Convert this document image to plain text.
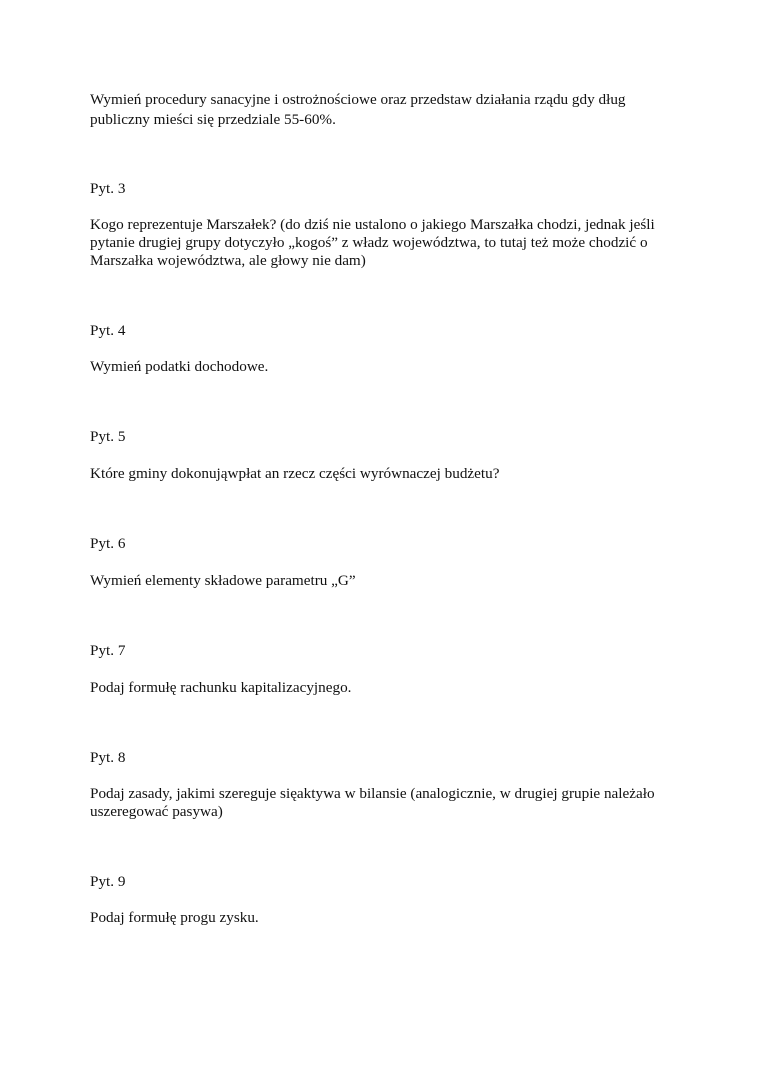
Wymień procedury sanacyjne i ostrożnościowe oraz przedstaw działania rządu gdy dług

publiczny mieści się przedziale 55-60%.

Pyt. 3

Kogo reprezentuje Marszałek? (do dziś nie ustalono o jakiego Marszałka chodzi, jednak jeśli

pytanie drugiej grupy dotyczyło „kogoś” z władz województwa, to tutaj też może chodzić o

Marszałka województwa, ale głowy nie dam)

Pyt. 4

Wymień podatki dochodowe.

Pyt. 5

Które gminy dokonująwpłat an rzecz części wyrównaczej budżetu?

Pyt. 6

Wymień elementy składowe parametru „G”

Pyt. 7

Podaj formułę rachunku kapitalizacyjnego.

Pyt. 8

Podaj zasady, jakimi szereguje sięaktywa w bilansie (analogicznie, w drugiej grupie należało

uszeregować pasywa)

Pyt. 9

Podaj formułę progu zysku.
